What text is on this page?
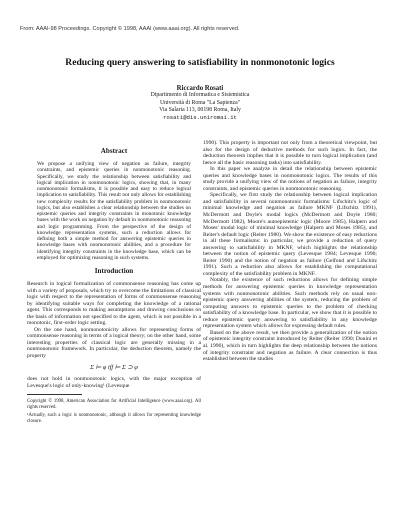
From: AAAI-98 Proceedings. Copyright © 1998, AAAI (www.aaai.org). All rights reserved.
Reducing query answering to satisfiability in nonmonotonic logics
Riccardo Rosati
Dipartimento di Informatica e Sistemistica
Università di Roma "La Sapienza"
Via Salaria 113, 00198 Roma, Italy
rosati@dis.uniroma1.it
Abstract

We propose a unifying view of negation as failure, integrity constraints, and epistemic queries in nonmonotonic reasoning. Specifically, we study the relationship between satisfiability and logical implication in nonmonotonic logics, showing that, in many nonmonotonic formalisms, it is possible and easy to reduce logical implication to satisfiability. This result not only allows for establishing new complexity results for the satisfiability problem in nonmonotonic logics, but also establishes a clear relationship between the studies on epistemic queries and integrity constraints in monotonic knowledge bases with the work on negation by default in nonmonotonic reasoning and logic programming. From the perspective of the design of knowledge representation systems, such a reduction allows for defining both a simple method for answering epistemic queries in knowledge bases with nonmonotonic abilities, and a procedure for identifying integrity constraints in the knowledge base, which can be employed for optimizing reasoning in such systems.

Introduction

Research in logical formalization of commonsense reasoning has come up with a variety of proposals, which try to overcome the limitations of classical logic with respect to the representation of forms of commonsense reasoning by identifying suitable ways for completing the knowledge of a rational agent. This corresponds to making assumptions and drawing conclusions on the basis of information not specified to the agent, which is not possible in a monotonic, first-order logic setting.

On the one hand, nonmonotonicity allows for representing forms of commonsense reasoning in terms of a logical theory; on the other hand, some interesting properties of classical logic are generally missing in a nonmonotonic framework. In particular, the deduction theorem, namely the property

Σ ⊨ φ iff ⊨ Σ ⊃ φ

does not hold in nonmonotonic logics, with the major exception of Levesque's logic of only-knowing¹ (Levesque

Copyright © 1998, American Association for Artificial Intelligence (www.aaai.org). All rights reserved.

¹Actually, such a logic is nonmonotonic, although it allows for representing knowledge closure.

1990). This property is important not only from a theoretical viewpoint, but also for the design of deductive methods for such logics. In fact, the deduction theorem implies that it is possible to turn logical implication (and hence all the basic reasoning tasks) into satisfiability.

In this paper we analyze in detail the relationship between epistemic queries and knowledge bases in nonmonotonic logics. The results of this study provide a unifying view of the notions of negation as failure, integrity constraints, and epistemic queries in nonmonotonic reasoning.

Specifically, we first study the relationship between logical implication and satisfiability in several nonmonotonic formalisms: Lifschitz's logic of minimal knowledge and negation as failure MKNF (Lifschitz 1991), McDermott and Doyle's modal logics (McDermott and Doyle 1980; McDermott 1982), Moore's autoepistemic logic (Moore 1985), Halpern and Moses' modal logic of minimal knowledge (Halpern and Moses 1985), and Reiter's default logic (Reiter 1980). We show the existence of easy reductions in all these formalisms: in particular, we provide a reduction of query answering to satisfiability in MKNF, which highlights the relationship between the notion of epistemic query (Levesque 1984; Levesque 1990; Reiter 1990) and the notion of negation as failure (Gelfond and Lifschitz 1991). Such a reduction also allows for establishing the computational complexity of the satisfiability problem in MKNF.

Notably, the existence of such reductions allows for defining simple methods for answering epistemic queries in knowledge representation systems with nonmonotonic abilities. Such methods rely on usual non-epistemic query answering abilities of the system, reducing the problem of computing answers to epistemic queries to the problem of checking satisfiability of a knowledge base. In particular, we show that it is possible to reduce epistemic query answering to satisfiability in any knowledge representation system which allows for expressing default rules.

Based on the above result, we then provide a generalization of the notion of epistemic integrity constraint introduced by Reiter (Reiter 1990; Donini et al. 1996), which in turn highlights the deep relationship between the notions of integrity constraint and negation as failure. A clear connection is thus established between the studies
